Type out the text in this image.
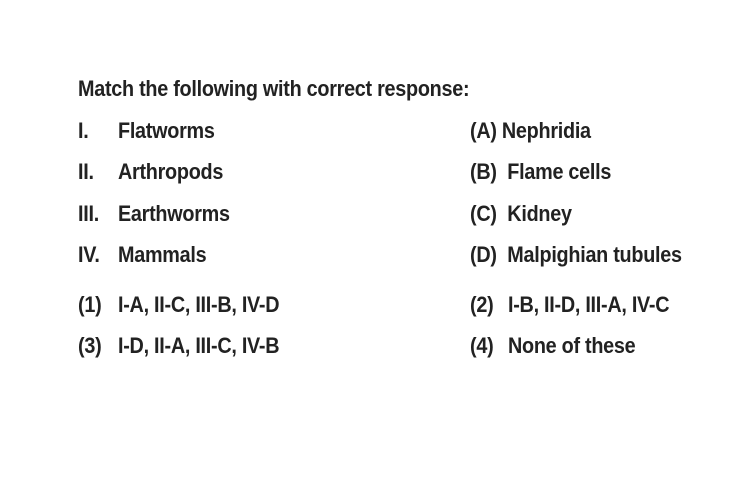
Match the following with correct response:
I. Flatworms
II. Arthropods
III. Earthworms
IV. Mammals
(A) Nephridia
(B) Flame cells
(C) Kidney
(D) Malpighian tubules
(1) I-A, II-C, III-B, IV-D	(2) I-B, II-D, III-A, IV-C
(3) I-D, II-A, III-C, IV-B	(4) None of these
